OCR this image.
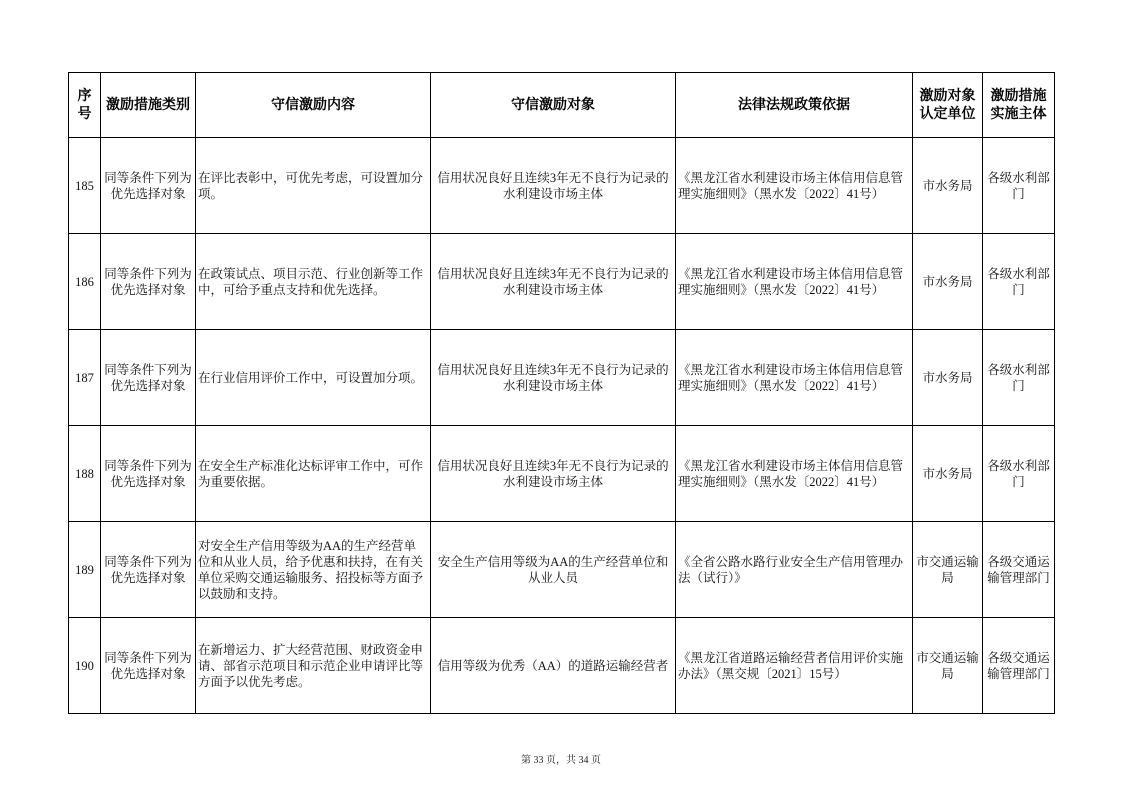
序号	激励措施类别	守信激励内容	守信激励对象	法律法规政策依据	激励对象认定单位	激励措施实施主体
185	同等条件下列为优先选择对象	在评比表彰中，可优先考虑，可设置加分项。	信用状况良好且连续3年无不良行为记录的水利建设市场主体	《黑龙江省水利建设市场主体信用信息管理实施细则》（黑水发〔2022〕41号）	市水务局	各级水利部门
186	同等条件下列为优先选择对象	在政策试点、项目示范、行业创新等工作中，可给予重点支持和优先选择。	信用状况良好且连续3年无不良行为记录的水利建设市场主体	《黑龙江省水利建设市场主体信用信息管理实施细则》（黑水发〔2022〕41号）	市水务局	各级水利部门
187	同等条件下列为优先选择对象	在行业信用评价工作中，可设置加分项。	信用状况良好且连续3年无不良行为记录的水利建设市场主体	《黑龙江省水利建设市场主体信用信息管理实施细则》（黑水发〔2022〕41号）	市水务局	各级水利部门
188	同等条件下列为优先选择对象	在安全生产标准化达标评审工作中，可作为重要依据。	信用状况良好且连续3年无不良行为记录的水利建设市场主体	《黑龙江省水利建设市场主体信用信息管理实施细则》（黑水发〔2022〕41号）	市水务局	各级水利部门
189	同等条件下列为优先选择对象	对安全生产信用等级为AA的生产经营单位和从业人员，给予优惠和扶持，在有关单位采购交通运输服务、招投标等方面予以鼓励和支持。	安全生产信用等级为AA的生产经营单位和从业人员	《全省公路水路行业安全生产信用管理办法（试行）》	市交通运输局	各级交通运输管理部门
190	同等条件下列为优先选择对象	在新增运力、扩大经营范围、财政资金申请、部省示范项目和示范企业申请评比等方面予以优先考虑。	信用等级为优秀（AA）的道路运输经营者	《黑龙江省道路运输经营者信用评价实施办法》（黑交规〔2021〕15号）	市交通运输局	各级交通运输管理部门
第 33 页，共 34 页
